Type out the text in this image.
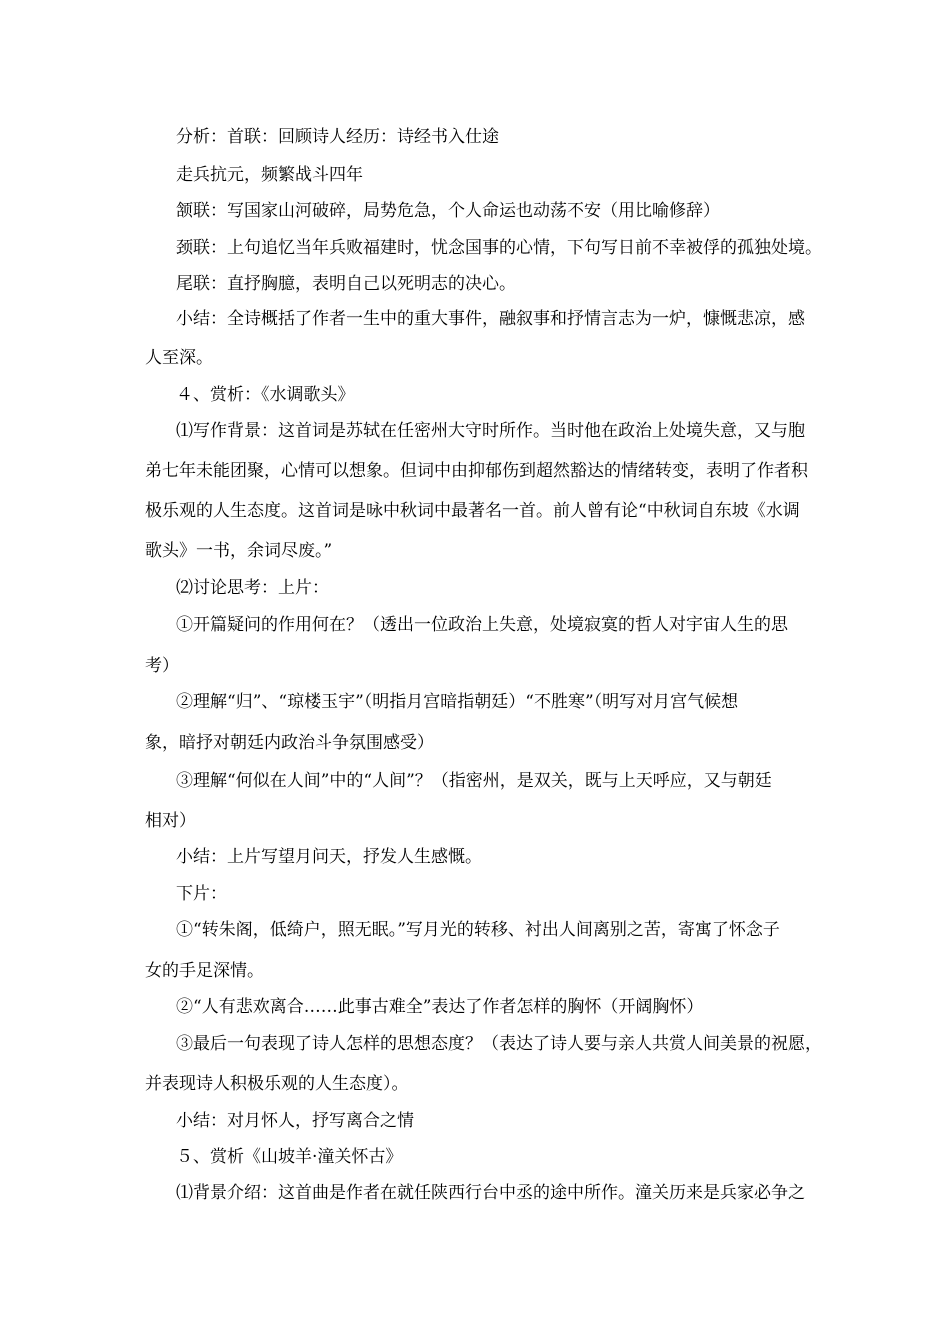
分析：首联：回顾诗人经历：诗经书入仕途
走兵抗元，频繁战斗四年
颔联：写国家山河破碎，局势危急，个人命运也动荡不安（用比喻修辞）
颈联：上句追忆当年兵败福建时，忧念国事的心情，下句写日前不幸被俘的孤独处境。
尾联：直抒胸臆，表明自己以死明志的决心。
小结：全诗概括了作者一生中的重大事件，融叙事和抒情言志为一炉，慷慨悲凉，感
人至深。
４、赏析：《水调歌头》
⑴写作背景：这首词是苏轼在任密州大守时所作。当时他在政治上处境失意，又与胞
弟七年未能团聚，心情可以想象。但词中由抑郁伤到超然豁达的情绪转变，表明了作者积
极乐观的人生态度。这首词是咏中秋词中最著名一首。前人曾有论“中秋词自东坡《水调
歌头》一书，余词尽废。”
⑵讨论思考：上片：
①开篇疑问的作用何在？（透出一位政治上失意，处境寂寞的哲人对宇宙人生的思
考）
②理解“归”、“琼楼玉宇”（明指月宫暗指朝廷）“不胜寒”（明写对月宫气候想
象，暗抒对朝廷内政治斗争氛围感受）
③理解“何似在人间”中的“人间”？（指密州，是双关，既与上天呼应，又与朝廷
相对）
小结：上片写望月问天，抒发人生感慨。
下片：
①“转朱阁，低绮户，照无眠。”写月光的转移、衬出人间离别之苦，寄寓了怀念子
女的手足深情。
②“人有悲欢离合……此事古难全”表达了作者怎样的胸怀（开阔胸怀）
③最后一句表现了诗人怎样的思想态度？（表达了诗人要与亲人共赏人间美景的祝愿，
并表现诗人积极乐观的人生态度）。
小结：对月怀人，抒写离合之情
５、赏析《山坡羊·潼关怀古》
⑴背景介绍：这首曲是作者在就任陕西行台中丞的途中所作。潼关历来是兵家必争之
